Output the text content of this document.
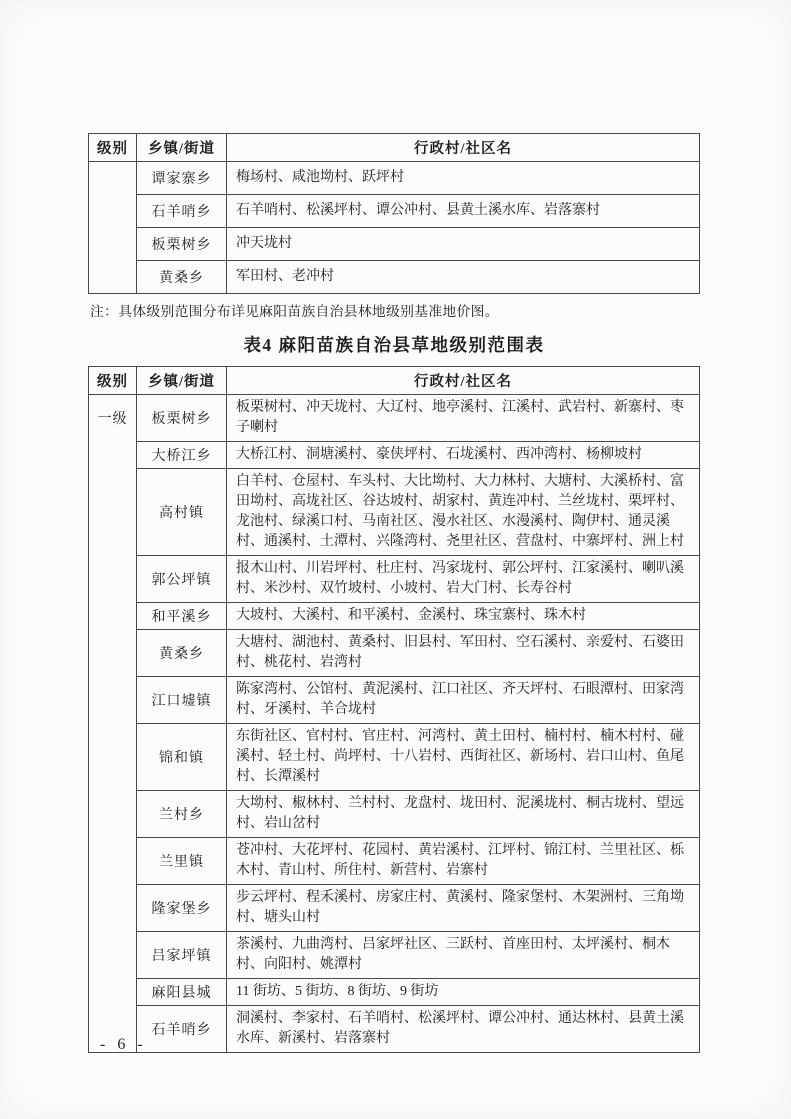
级别	乡镇/街道	行政村/社区名
	谭家寨乡	梅场村、咸池坳村、跃坪村
	石羊哨乡	石羊哨村、松溪坪村、谭公冲村、县黄土溪水库、岩落寨村
	板栗树乡	冲天垅村
	黄桑乡	军田村、老冲村
注：具体级别范围分布详见麻阳苗族自治县林地级别基准地价图。
表4 麻阳苗族自治县草地级别范围表
级别	乡镇/街道	行政村/社区名
一级	板栗树乡	板栗树村、冲天垅村、大辽村、地亭溪村、江溪村、武岩村、新寨村、枣子喇村
	大桥江乡	大桥江村、洞塘溪村、豪侠坪村、石垅溪村、西冲湾村、杨柳坡村
	高村镇	白羊村、仓屋村、车头村、大比坳村、大力林村、大塘村、大溪桥村、富田坳村、高垅社区、谷达坡村、胡家村、黄连冲村、兰丝垅村、栗坪村、龙池村、绿溪口村、马南社区、漫水社区、水漫溪村、陶伊村、通灵溪村、通溪村、土潭村、兴隆湾村、尧里社区、营盘村、中寨坪村、洲上村
	郭公坪镇	报木山村、川岩坪村、杜庄村、冯家垅村、郭公坪村、江家溪村、喇叭溪村、米沙村、双竹坡村、小坡村、岩大门村、长寿谷村
	和平溪乡	大坡村、大溪村、和平溪村、金溪村、珠宝寨村、珠木村
	黄桑乡	大塘村、湖池村、黄桑村、旧县村、军田村、空石溪村、亲爱村、石婆田村、桃花村、岩湾村
	江口墟镇	陈家湾村、公馆村、黄泥溪村、江口社区、齐天坪村、石眼潭村、田家湾村、牙溪村、羊合垅村
	锦和镇	东街社区、官村村、官庄村、河湾村、黄土田村、楠村村、楠木村村、碰溪村、轻土村、尚坪村、十八岩村、西街社区、新场村、岩口山村、鱼尾村、长潭溪村
	兰村乡	大坳村、椒林村、兰村村、龙盘村、垅田村、泥溪垅村、桐古垅村、望远村、岩山岔村
	兰里镇	苍冲村、大花坪村、花园村、黄岩溪村、江坪村、锦江村、兰里社区、栎木村、青山村、所住村、新营村、岩寨村
	隆家堡乡	步云坪村、程禾溪村、房家庄村、黄溪村、隆家堡村、木架洲村、三角坳村、塘头山村
	吕家坪镇	茶溪村、九曲湾村、吕家坪社区、三跃村、首座田村、太坪溪村、桐木村、向阳村、姚潭村
	麻阳县城	11 街坊、5 街坊、8 街坊、9 街坊
	石羊哨乡	洞溪村、李家村、石羊哨村、松溪坪村、谭公冲村、通达林村、县黄土溪水库、新溪村、岩落寨村
- 6 -
